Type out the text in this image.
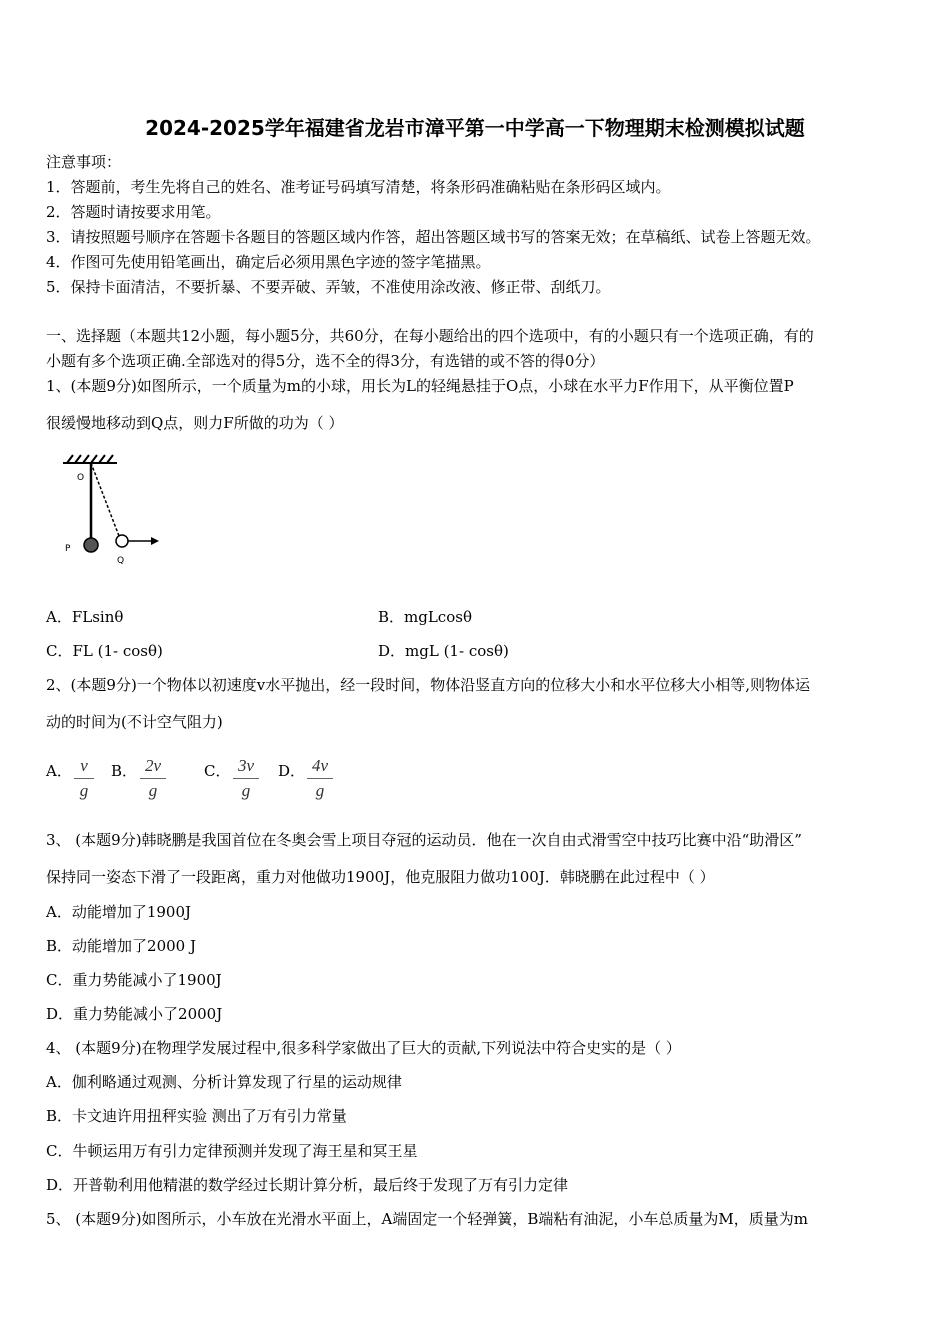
2024-2025学年福建省龙岩市漳平第一中学高一下物理期末检测模拟试题
注意事项：
1．答题前，考生先将自己的姓名、准考证号码填写清楚，将条形码准确粘贴在条形码区域内。
2．答题时请按要求用笔。
3．请按照题号顺序在答题卡各题目的答题区域内作答，超出答题区域书写的答案无效；在草稿纸、试卷上答题无效。
4．作图可先使用铅笔画出，确定后必须用黑色字迹的签字笔描黑。
5．保持卡面清洁，不要折暴、不要弄破、弄皱，不准使用涂改液、修正带、刮纸刀。
一、选择题（本题共12小题，每小题5分，共60分，在每小题给出的四个选项中，有的小题只有一个选项正确，有的
小题有多个选项正确.全部选对的得5分，选不全的得3分，有选错的或不答的得0分）
1、(本题9分)如图所示，一个质量为m的小球，用长为L的轻绳悬挂于O点，小球在水平力F作用下，从平衡位置P
很缓慢地移动到Q点，则力F所做的功为（ ）
O
P
Q
A．FLsinθ	B．mgLcosθ
C．FL (1- cosθ)	D．mgL (1- cosθ)
2、(本题9分)一个物体以初速度v水平抛出，经一段时间，物体沿竖直方向的位移大小和水平位移大小相等,则物体运
动的时间为(不计空气阻力)
A． v
g
B． 2v
g
C． 3v
g
D． 4v
g
3、 (本题9分)韩晓鹏是我国首位在冬奥会雪上项目夺冠的运动员．他在一次自由式滑雪空中技巧比赛中沿“助滑区”
保持同一姿态下滑了一段距离，重力对他做功1900J，他克服阻力做功100J．韩晓鹏在此过程中（ ）
A．动能增加了1900J
B．动能增加了2000 J
C．重力势能减小了1900J
D．重力势能减小了2000J
4、 (本题9分)在物理学发展过程中,很多科学家做出了巨大的贡献,下列说法中符合史实的是（ ）
A．伽利略通过观测、分析计算发现了行星的运动规律
B．卡文迪许用扭秤实验 测出了万有引力常量
C．牛顿运用万有引力定律预测并发现了海王星和冥王星
D．开普勒利用他精湛的数学经过长期计算分析，最后终于发现了万有引力定律
5、 (本题9分)如图所示，小车放在光滑水平面上，A端固定一个轻弹簧，B端粘有油泥，小车总质量为M，质量为m
